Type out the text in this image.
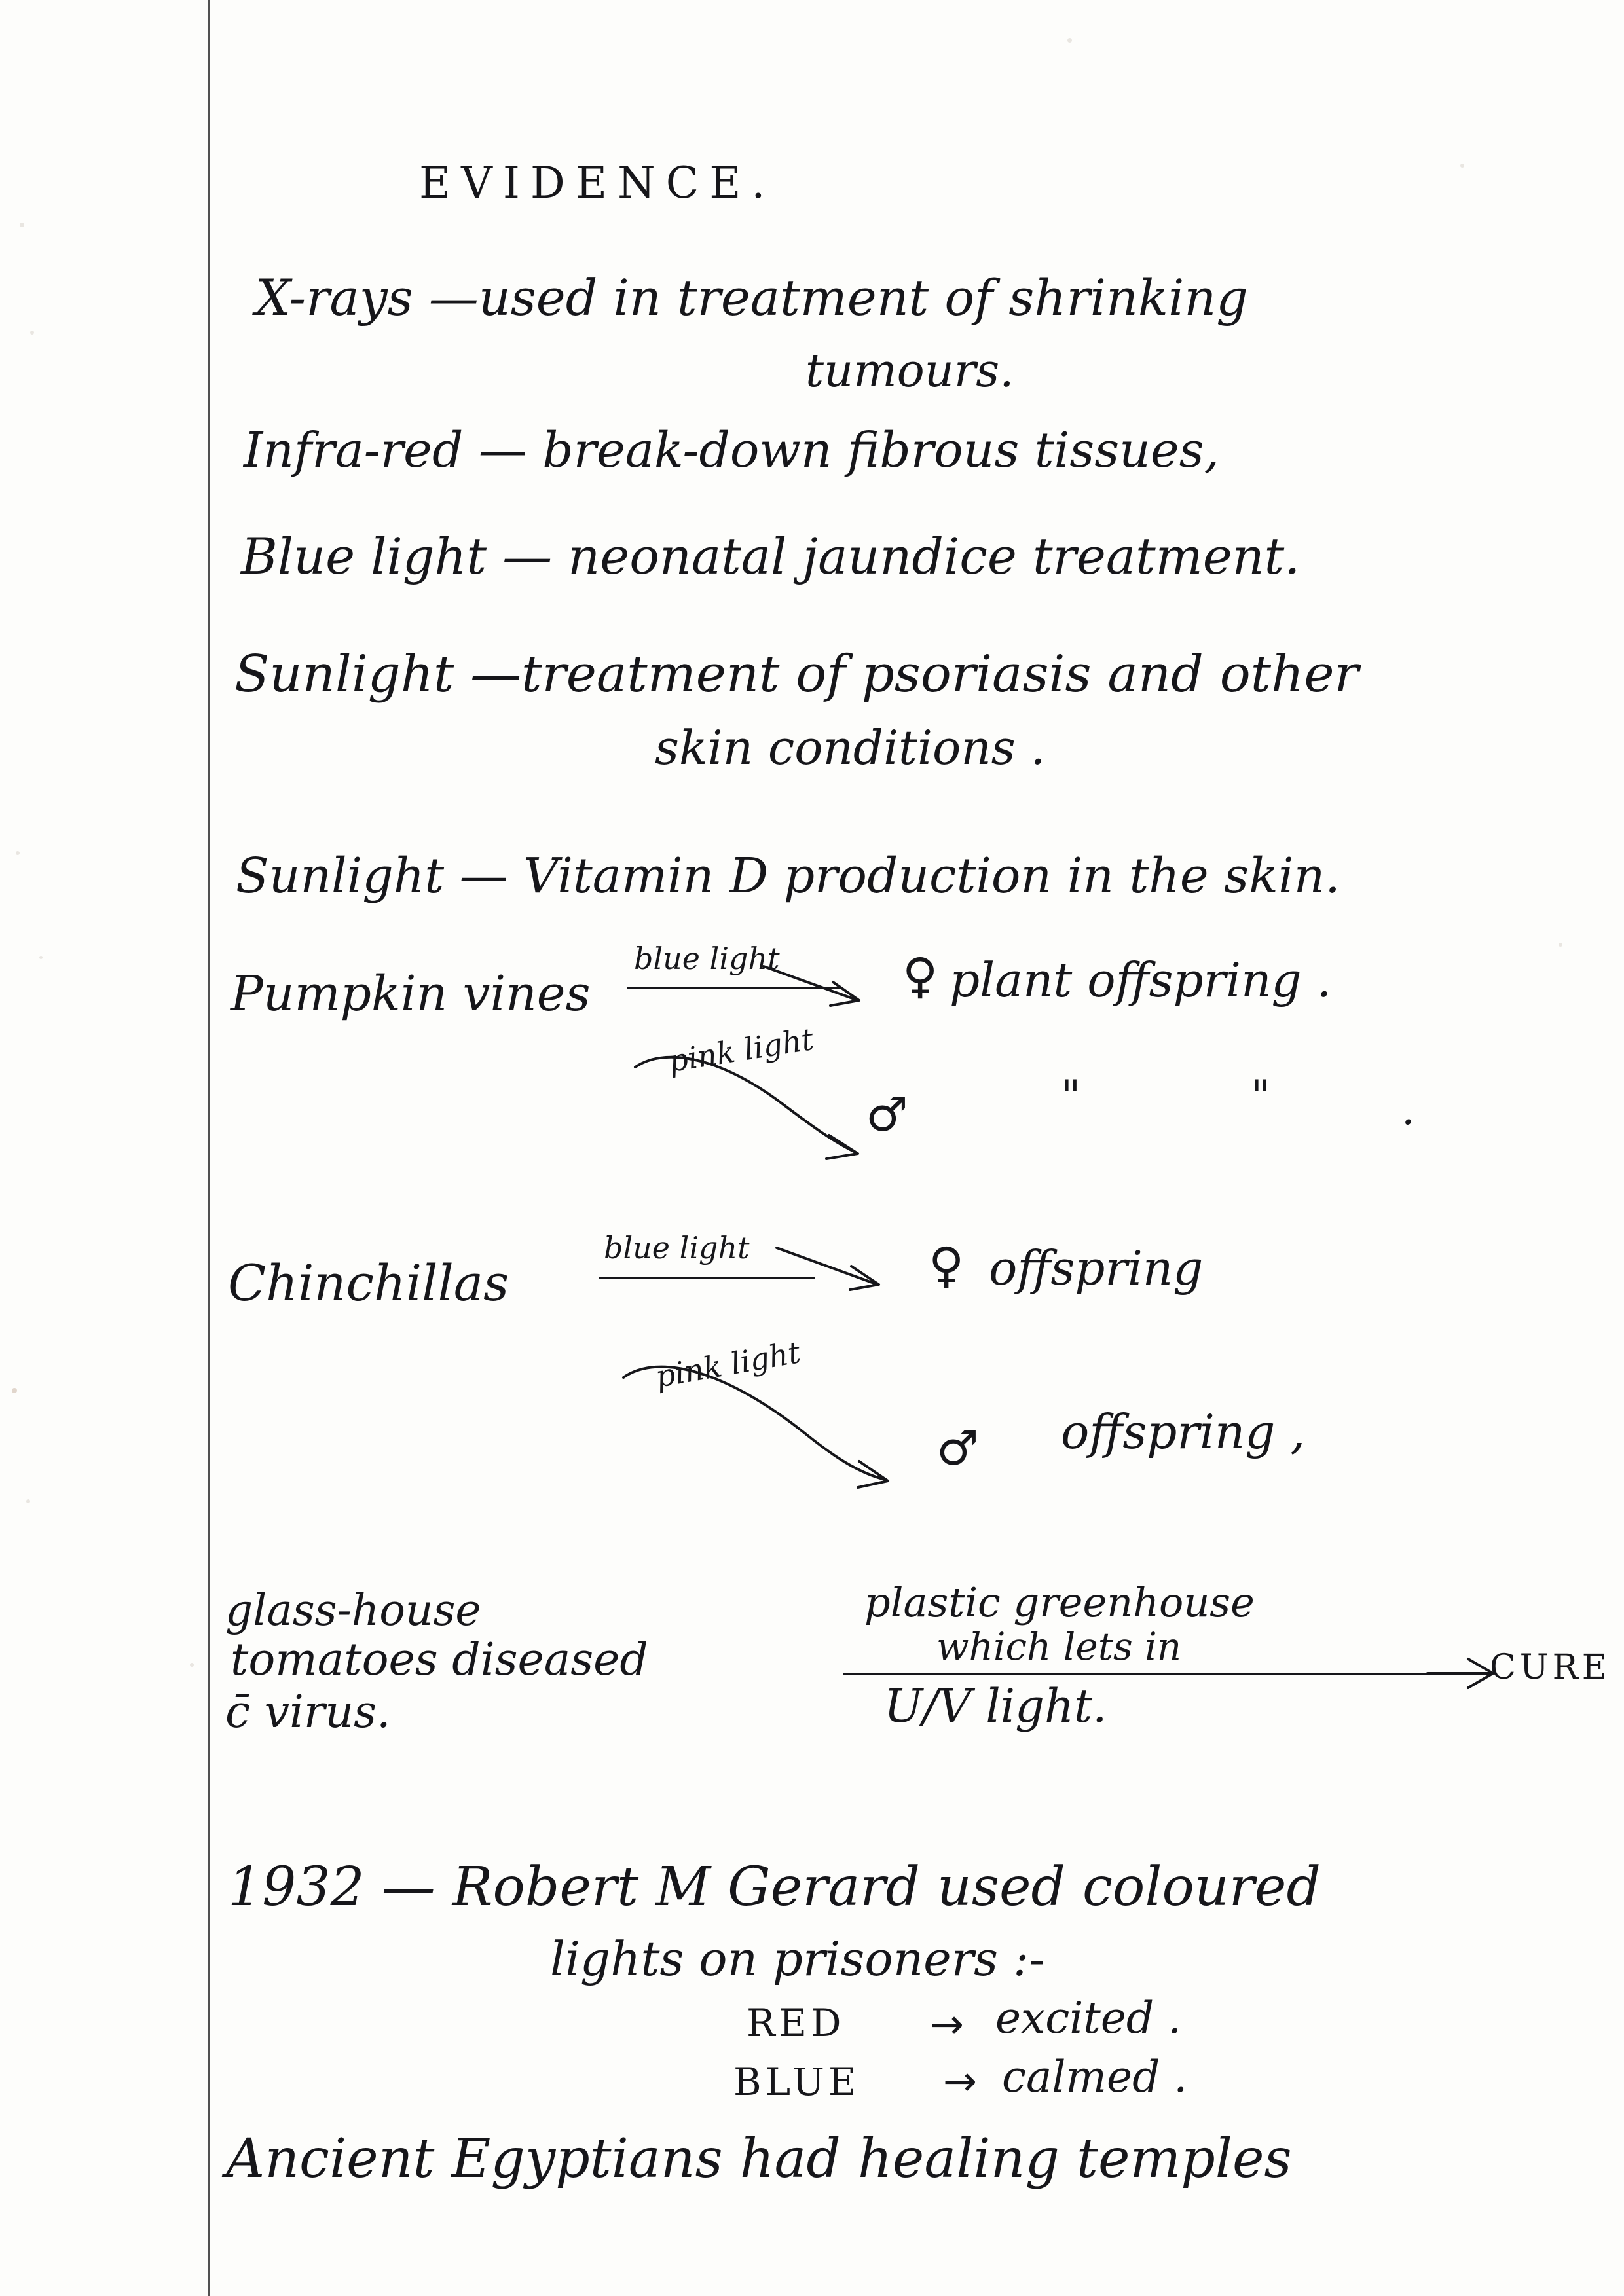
EVIDENCE.
X-rays —used in treatment of shrinking
tumours.
Infra-red — break-down fibrous tissues,
Blue light — neonatal jaundice treatment.
Sunlight —treatment of psoriasis and other
skin conditions .
Sunlight — Vitamin D production in the skin.
Pumpkin vines
blue light	♀ plant offspring .
pink light
♂	"	"	.
Chinchillas
blue light	♀ offspring
pink light
♂ offspring ,
glass-house
tomatoes diseased
c̄ virus.
plastic greenhouse
which lets in
U/V light.
CURE
1932 — Robert M Gerard used coloured
lights on prisoners :-
RED → excited .
BLUE → calmed .
Ancient Egyptians had healing temples
